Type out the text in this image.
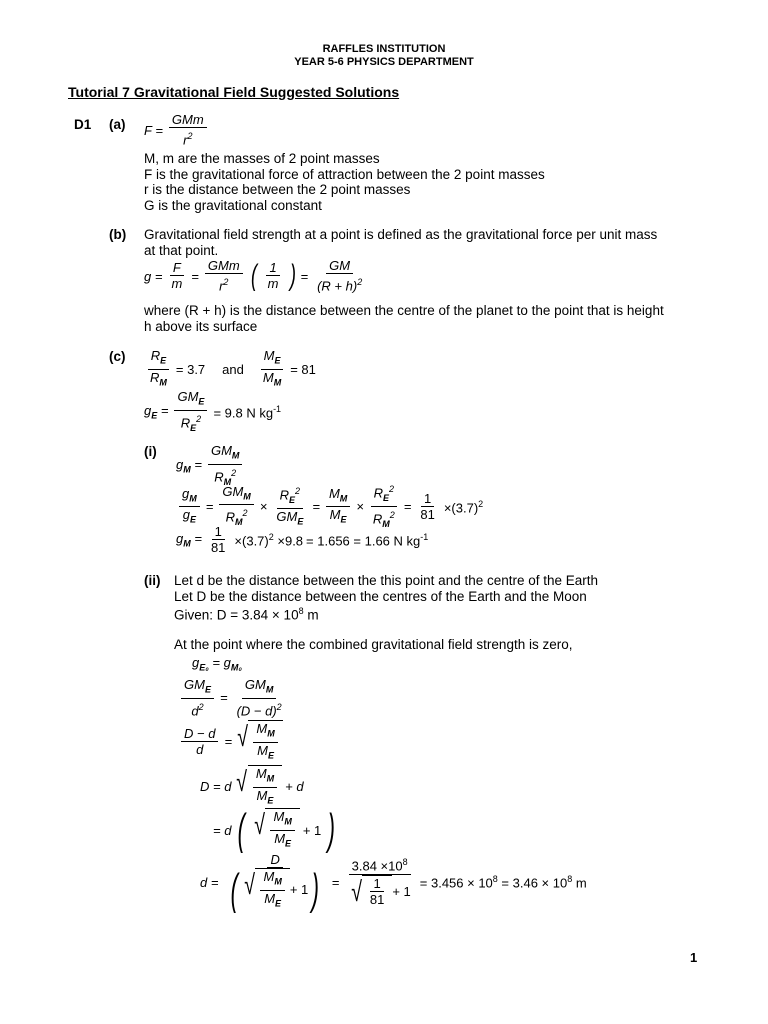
RAFFLES INSTITUTION
YEAR 5-6 PHYSICS DEPARTMENT
Tutorial 7 Gravitational Field Suggested Solutions
D1 (a) $F = \frac{\text{GMm}}{r^2}$
M, m are the masses of 2 point masses
F is the gravitational force of attraction between the 2 point masses
r is the distance between the 2 point masses
G is the gravitational constant
(b) Gravitational field strength at a point is defined as the gravitational force per unit mass
at that point.
$g = \frac{F}{m} = \frac{\text{GMm}}{r^2}$ ( $\frac{1}{m}$ ) = $\frac{GM}{(R + h)^2}$
where (R + h) is the distance between the centre of the planet to the point that is height
h above its surface
$(c) \frac{R_E}{R_M} = 3.7$ and $\frac{M_E}{M_M} = 81$
$g_E = \frac{GM_E}{R_E^2} = 9.8$ N $kg^{-1}$
(i)
$g_M = \frac{GM_M}{R_M^2}$
$\frac{g_M}{g_E} = \frac{GM_M}{R_M^2} \times \frac{R_E^2}{GM_E} = \frac{M_M}{M_E} \times \frac{R_E^2}{R_M^2} = \frac{1}{81} \times(3.7)^2$
$g_M = \frac{1}{81} \times(3.7)^2 \times 9.8 = 1.656 = 1.66$ N $kg^{-1}$
(ii) Let d be the distance between the this point and the centre of the Earth
Let D be the distance between the centres of the Earth and the Moon
Given: $D = 3.84 \times 10^8$ m
At the point where the combined gravitational field strength is zero,
$g_{E_0} = g_{M_0}$
$\frac{GM_E}{d^2} = \frac{GM_M}{(D - d)^2}$
$\frac{D - d}{d}$ = √ $\frac{M_M}{M_E}$
D = d √ $\frac{M_M}{M_E} + d$
= d ( √ $\frac{M_M}{M_E} + 1$ )
$d = \frac{D}{( √ \frac{M_M}{M_E} + 1 )} = \frac{3.84 \times 10^8}{√ \frac{1}{81} + 1} = 3.456 \times 10^8 = 3.46 \times 10^8$ m
1
